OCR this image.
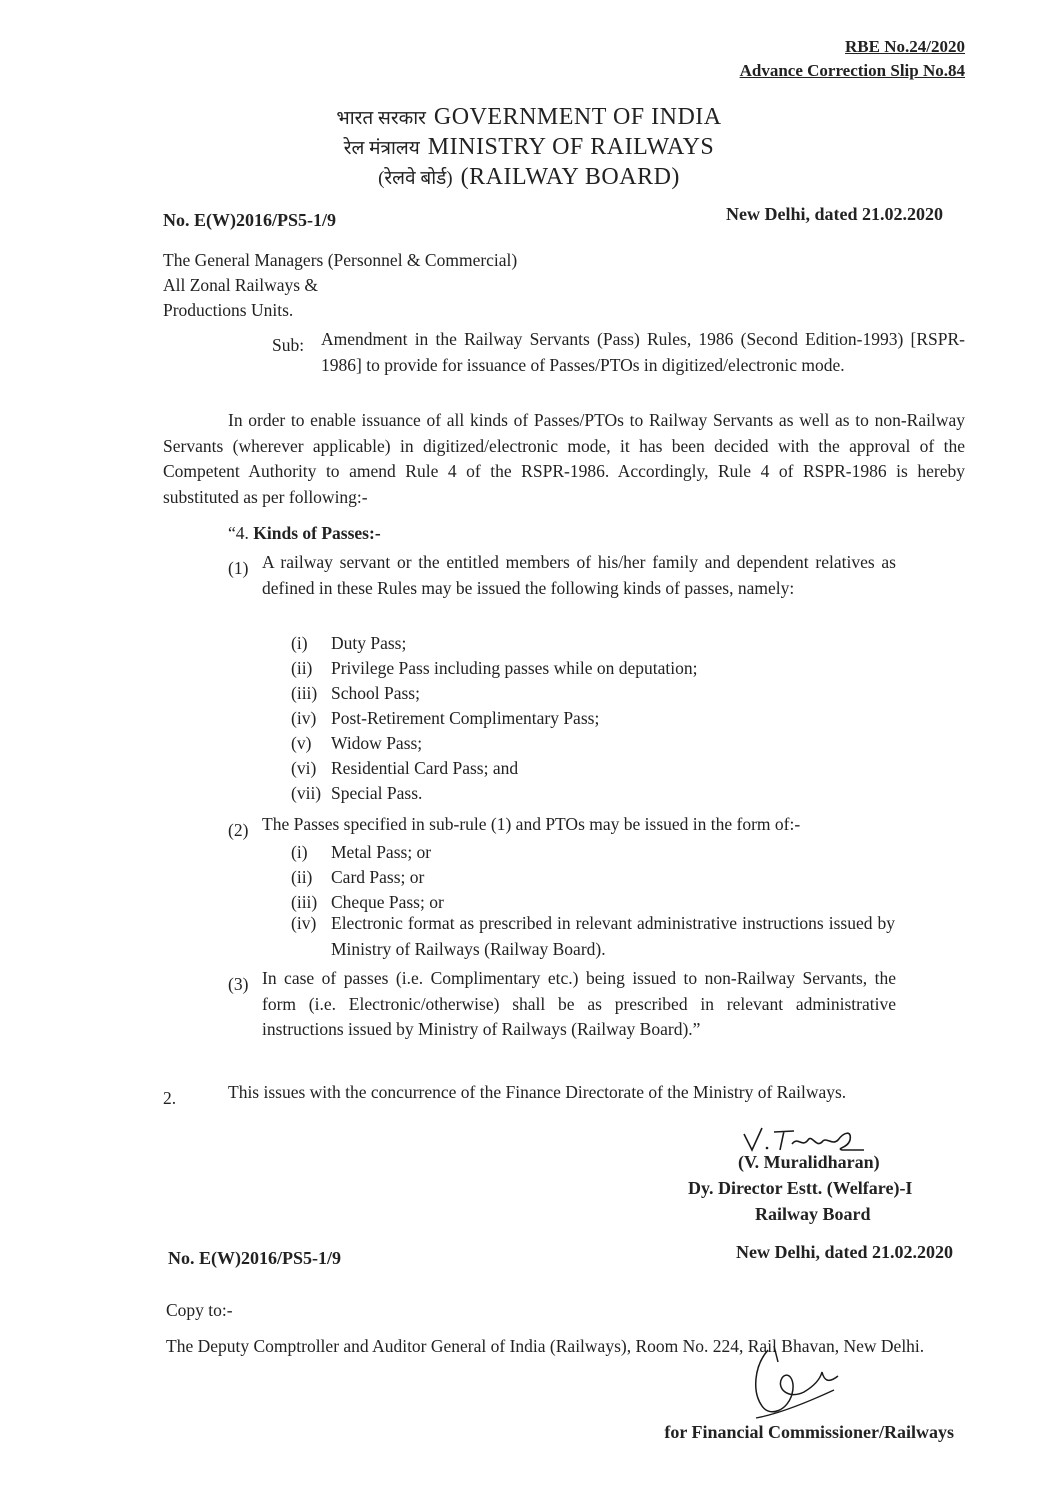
RBE No.24/2020
Advance Correction Slip No.84
भारत सरकार GOVERNMENT OF INDIA
रेल मंत्रालय MINISTRY OF RAILWAYS
(रेलवे बोर्ड) (RAILWAY BOARD)
No. E(W)2016/PS5-1/9	New Delhi, dated 21.02.2020
The General Managers (Personnel & Commercial)
All Zonal Railways &
Productions Units.
Sub: Amendment in the Railway Servants (Pass) Rules, 1986 (Second Edition-1993) [RSPR-1986] to provide for issuance of Passes/PTOs in digitized/electronic mode.
In order to enable issuance of all kinds of Passes/PTOs to Railway Servants as well as to non-Railway Servants (wherever applicable) in digitized/electronic mode, it has been decided with the approval of the Competent Authority to amend Rule 4 of the RSPR-1986. Accordingly, Rule 4 of RSPR-1986 is hereby substituted as per following:-
“4. Kinds of Passes:-
(1) A railway servant or the entitled members of his/her family and dependent relatives as defined in these Rules may be issued the following kinds of passes, namely:
(i) Duty Pass;
(ii) Privilege Pass including passes while on deputation;
(iii) School Pass;
(iv) Post-Retirement Complimentary Pass;
(v) Widow Pass;
(vi) Residential Card Pass; and
(vii) Special Pass.
(2) The Passes specified in sub-rule (1) and PTOs may be issued in the form of:-
(i) Metal Pass; or
(ii) Card Pass; or
(iii) Cheque Pass; or
(iv) Electronic format as prescribed in relevant administrative instructions issued by Ministry of Railways (Railway Board).
(3) In case of passes (i.e. Complimentary etc.) being issued to non-Railway Servants, the form (i.e. Electronic/otherwise) shall be as prescribed in relevant administrative instructions issued by Ministry of Railways (Railway Board).”
2.	This issues with the concurrence of the Finance Directorate of the Ministry of Railways.
(V. Muralidharan)
Dy. Director Estt. (Welfare)-I
Railway Board
No. E(W)2016/PS5-1/9	New Delhi, dated 21.02.2020
Copy to:-
The Deputy Comptroller and Auditor General of India (Railways), Room No. 224, Rail Bhavan, New Delhi.
for Financial Commissioner/Railways
